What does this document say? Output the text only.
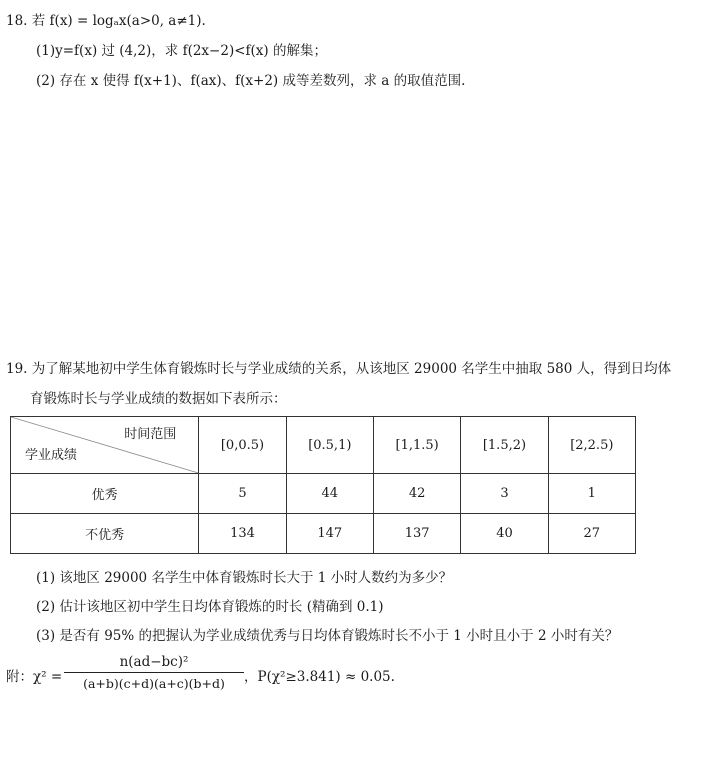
18. 若 f(x) = logₐx(a>0, a≠1).
(1)y=f(x) 过 (4,2)，求 f(2x−2)<f(x) 的解集；
(2) 存在 x 使得 f(x+1)、f(ax)、f(x+2) 成等差数列，求 a 的取值范围.
19. 为了解某地初中学生体育锻炼时长与学业成绩的关系，从该地区 29000 名学生中抽取 580 人，得到日均体
育锻炼时长与学业成绩的数据如下表所示：
时间范围
学业成绩	[0,0.5)	[0.5,1)	[1,1.5)	[1.5,2)	[2,2.5)
优秀	5	44	42	3	1
不优秀	134	147	137	40	27
(1) 该地区 29000 名学生中体育锻炼时长大于 1 小时人数约为多少？
(2) 估计该地区初中学生日均体育锻炼的时长 (精确到 0.1)
(3) 是否有 95% 的把握认为学业成绩优秀与日均体育锻炼时长不小于 1 小时且小于 2 小时有关？
附：$\chi^2 = \frac{\text{n(ad−bc)²}}{(a+b)(c+d)(a+c)(b+d)}$ ，P(χ²≥3.841) ≈ 0.05.
